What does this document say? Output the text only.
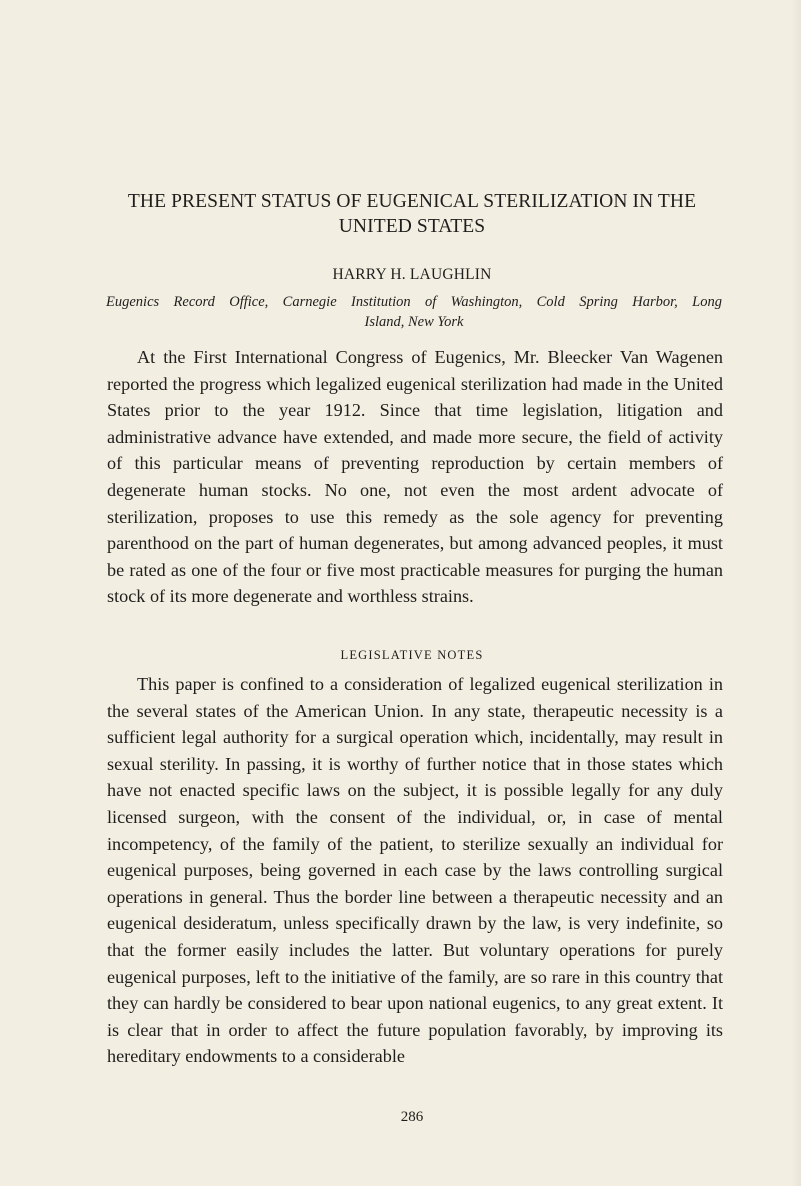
THE PRESENT STATUS OF EUGENICAL STERILIZATION IN THE UNITED STATES

HARRY H. LAUGHLIN

Eugenics Record Office, Carnegie Institution of Washington, Cold Spring Harbor, Long
Island, New York

At the First International Congress of Eugenics, Mr. Bleecker Van Wagenen reported the progress which legalized eugenical sterilization had made in the United States prior to the year 1912. Since that time legislation, litigation and administrative advance have extended, and made more secure, the field of activity of this particular means of preventing reproduction by certain members of degenerate human stocks. No one, not even the most ardent advocate of sterilization, proposes to use this remedy as the sole agency for preventing parenthood on the part of human degenerates, but among advanced peoples, it must be rated as one of the four or five most practicable measures for purging the human stock of its more degenerate and worthless strains.

LEGISLATIVE NOTES

This paper is confined to a consideration of legalized eugenical sterilization in the several states of the American Union. In any state, therapeutic necessity is a sufficient legal authority for a surgical operation which, incidentally, may result in sexual sterility. In passing, it is worthy of further notice that in those states which have not enacted specific laws on the subject, it is possible legally for any duly licensed surgeon, with the consent of the individual, or, in case of mental incompetency, of the family of the patient, to sterilize sexually an individual for eugenical purposes, being governed in each case by the laws controlling surgical operations in general. Thus the border line between a therapeutic necessity and an eugenical desideratum, unless specifically drawn by the law, is very indefinite, so that the former easily includes the latter. But voluntary operations for purely eugenical purposes, left to the initiative of the family, are so rare in this country that they can hardly be considered to bear upon national eugenics, to any great extent. It is clear that in order to affect the future population favorably, by improving its hereditary endowments to a considerable

286
